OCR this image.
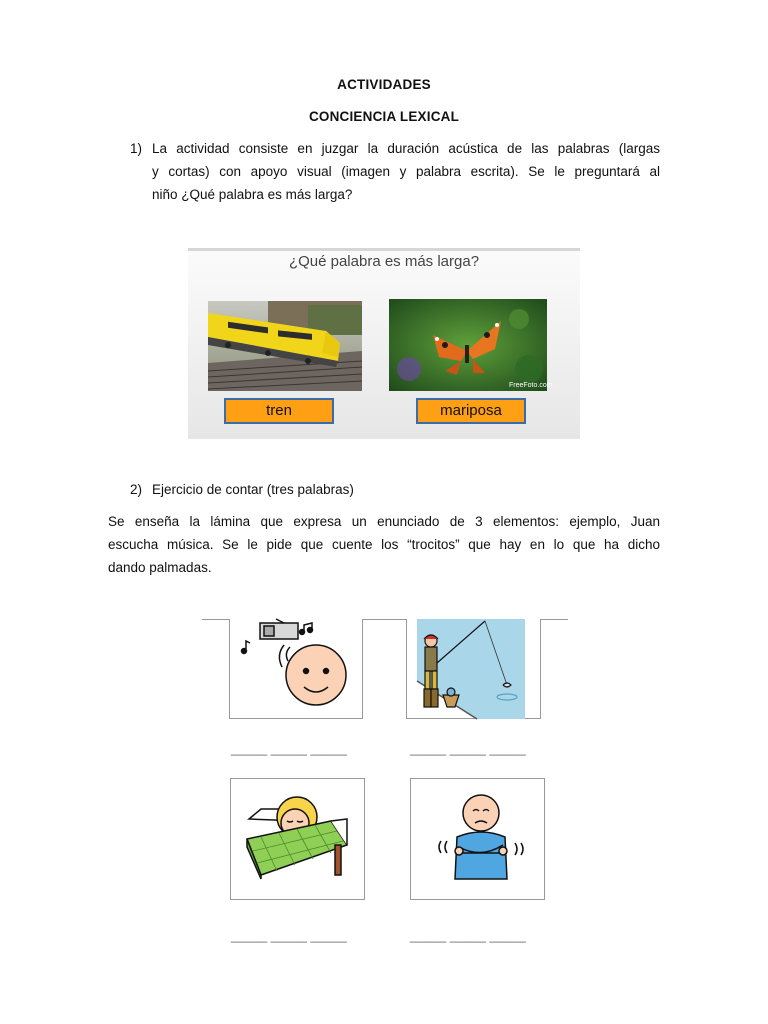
ACTIVIDADES
CONCIENCIA LEXICAL
1) La actividad consiste en juzgar la duración acústica de las palabras (largas
y cortas) con apoyo visual (imagen y palabra escrita). Se le preguntará al
niño ¿Qué palabra es más larga?
¿Qué palabra es más larga?
FreeFoto.com
tren	mariposa
2) Ejercicio de contar (tres palabras)
Se enseña la lámina que expresa un enunciado de 3 elementos: ejemplo, Juan
escucha música. Se le pide que cuente los “trocitos” que hay en lo que ha dicho
dando palmadas.
_____ _____ _____	_____ _____ _____
_____ _____ _____	_____ _____ _____
